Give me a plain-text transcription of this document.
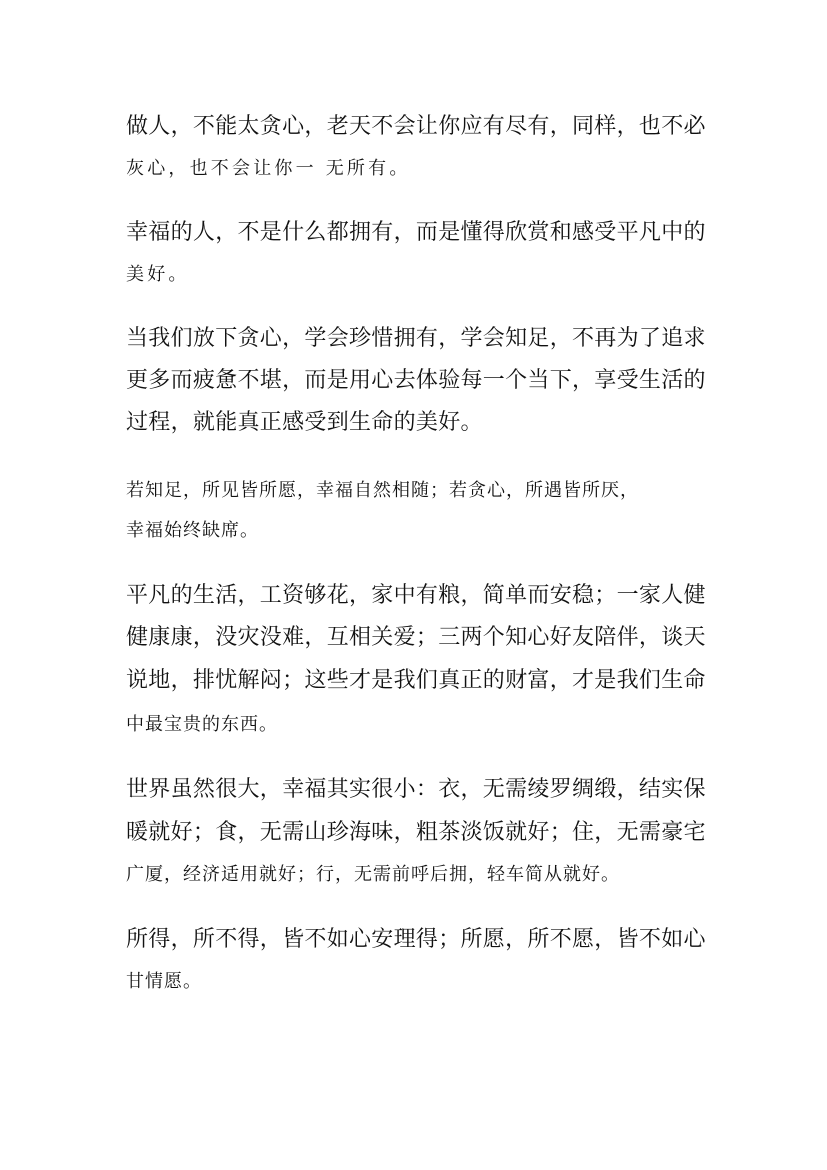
做人，不能太贪心，老天不会让你应有尽有，同样，也不必
灰心，也不会让你一 无所有。
幸福的人，不是什么都拥有，而是懂得欣赏和感受平凡中的
美好。
当我们放下贪心，学会珍惜拥有，学会知足，不再为了追求
更多而疲惫不堪，而是用心去体验每一个当下，享受生活的
过程，就能真正感受到生命的美好。
若知足，所见皆所愿，幸福自然相随；若贪心，所遇皆所厌，
幸福始终缺席。
平凡的生活，工资够花，家中有粮，简单而安稳；一家人健
健康康，没灾没难，互相关爱；三两个知心好友陪伴，谈天
说地，排忧解闷；这些才是我们真正的财富，才是我们生命
中最宝贵的东西。
世界虽然很大，幸福其实很小：衣，无需绫罗绸缎，结实保
暖就好；食，无需山珍海味，粗茶淡饭就好；住，无需豪宅
广厦，经济适用就好；行，无需前呼后拥，轻车简从就好。
所得，所不得，皆不如心安理得；所愿，所不愿，皆不如心
甘情愿。
